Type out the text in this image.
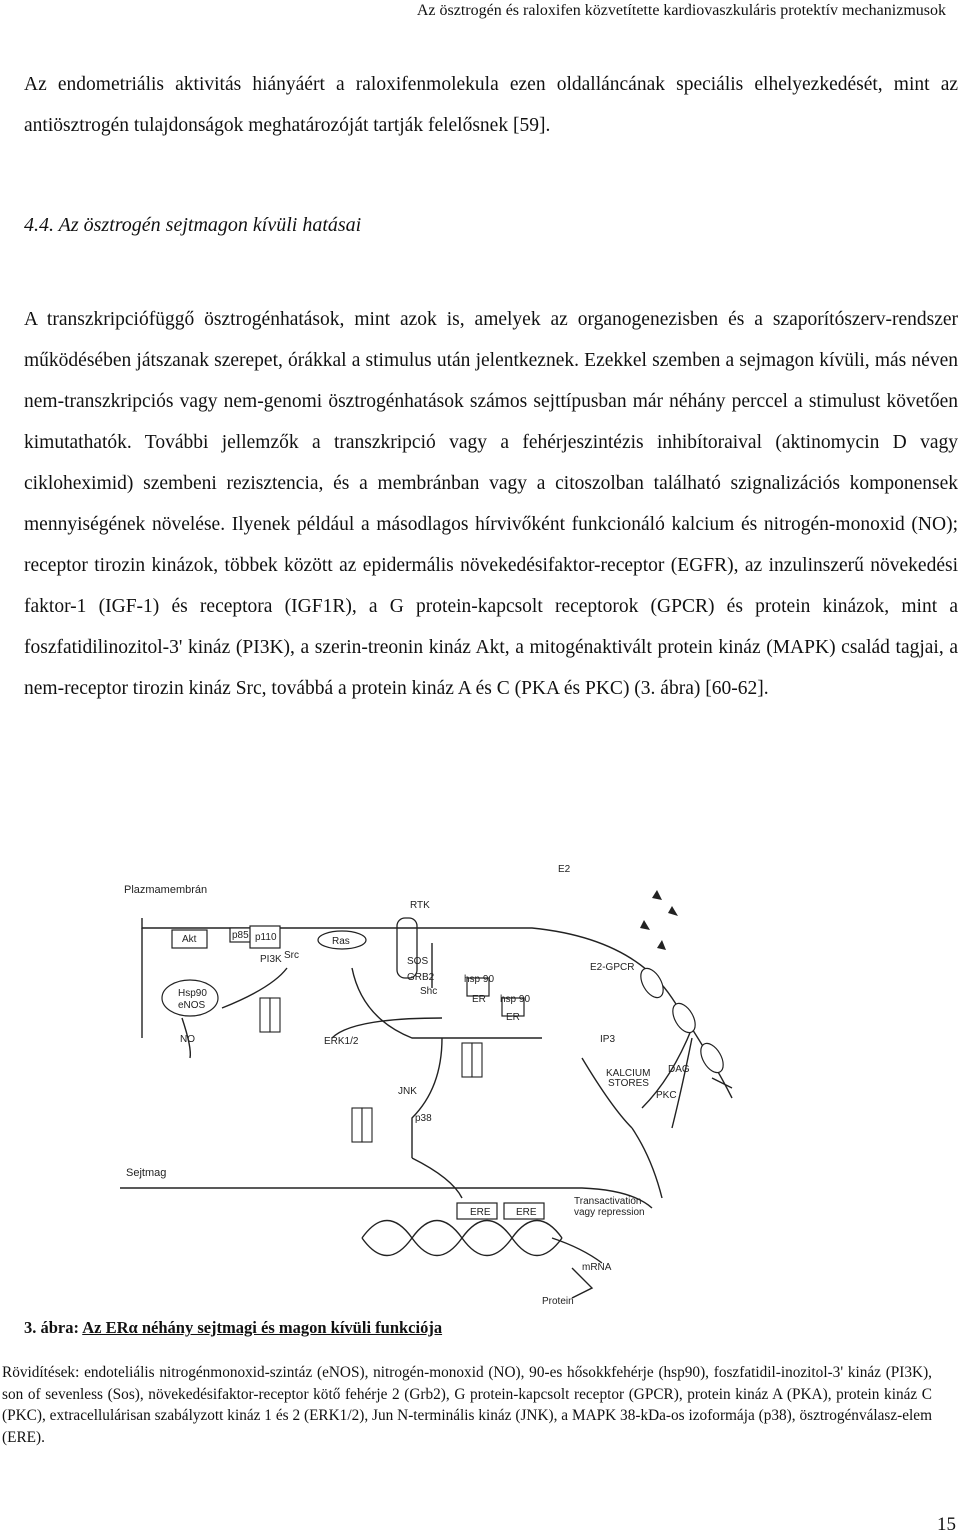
Az ösztrogén és raloxifen közvetítette kardiovaszkuláris protektív mechanizmusok

Az endometriális aktivitás hiányáért a raloxifenmolekula ezen oldalláncának speciális elhelyezkedését, mint az antiösztrogén tulajdonságok meghatározóját tartják felelősnek [59].

4.4. Az ösztrogén sejtmagon kívüli hatásai

A transzkripciófüggő ösztrogénhatások, mint azok is, amelyek az organogenezisben és a szaporítószerv-rendszer működésében játszanak szerepet, órákkal a stimulus után jelentkeznek. Ezekkel szemben a sejmagon kívüli, más néven nem-transzkripciós vagy nem-genomi ösztrogénhatások számos sejttípusban már néhány perccel a stimulust követően kimutathatók. További jellemzők a transzkripció vagy a fehérjeszintézis inhibítoraival (aktinomycin D vagy cikloheximid) szembeni rezisztencia, és a membránban vagy a citoszolban található szignalizációs komponensek mennyiségének növelése. Ilyenek például a másodlagos hírvivőként funkcionáló kalcium és nitrogén-monoxid (NO); receptor tirozin kinázok, többek között az epidermális növekedésifaktor-receptor (EGFR), az inzulinszerű növekedési faktor-1 (IGF-1) és receptora (IGF1R), a G protein-kapcsolt receptorok (GPCR) és protein kinázok, mint a foszfatidilinozitol-3' kináz (PI3K), a szerin-treonin kináz Akt, a mitogénaktivált protein kináz (MAPK) család tagjai, a nem-receptor tirozin kináz Src, továbbá a protein kináz A és C (PKA és PKC) (3. ábra) [60-62].

Plazmamembrán
Sejtmag
E2
RTK
Akt	p85 p110
PI3K Src
Ras
SOS
GRB2
Shc
hsp 90
ER hsp 90
ER
E2-GPCR
Hsp90
eNOS
NO	ERK1/2
JNK
p38
IP3
KALCIUM
STORES
DAG
PKC
ERE	ERE
Transactivation
vagy repression
mRNA
Protein
3. ábra: Az ERα néhány sejtmagi és magon kívüli funkciója

Rövidítések: endoteliális nitrogénmonoxid-szintáz (eNOS), nitrogén-monoxid (NO), 90-es hősokkfehérje (hsp90), foszfatidil-inozitol-3' kináz (PI3K), son of sevenless (Sos), növekedésifaktor-receptor kötő fehérje 2 (Grb2), G protein-kapcsolt receptor (GPCR), protein kináz A (PKA), protein kináz C (PKC), extracellulárisan szabályzott kináz 1 és 2 (ERK1/2), Jun N-terminális kináz (JNK), a MAPK 38-kDa-os izoformája (p38), ösztrogénválasz-elem (ERE).

15
